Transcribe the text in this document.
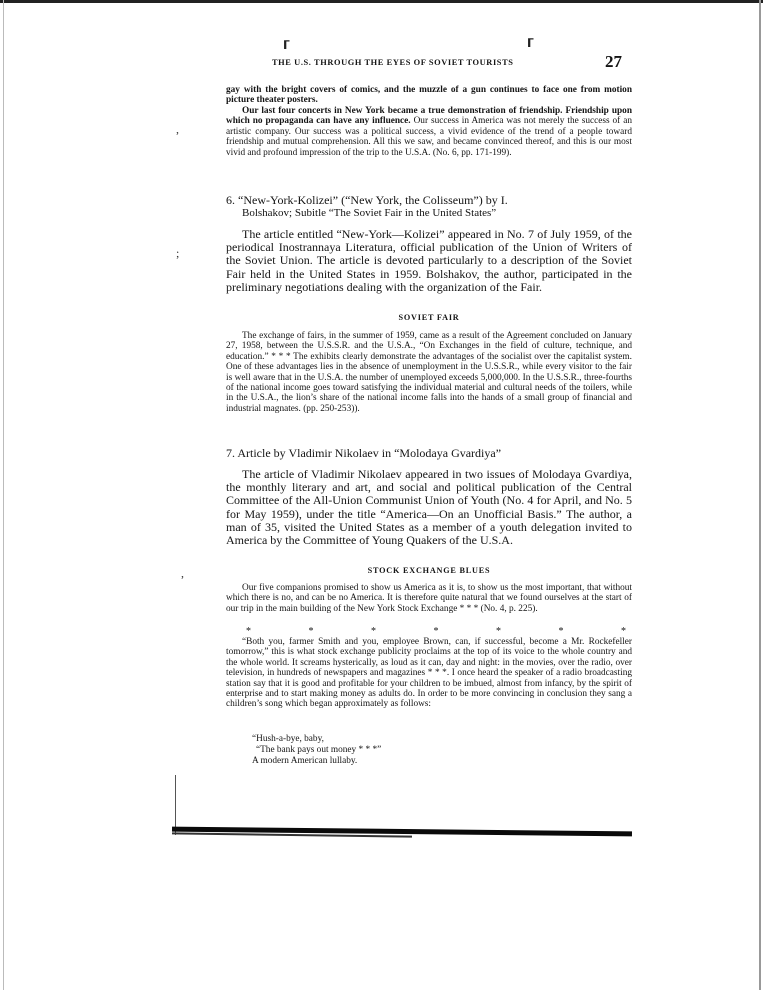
⸢	⸢
THE U.S. THROUGH THE EYES OF SOVIET TOURISTS	27

gay with the bright covers of comics, and the muzzle of a gun continues to face one from motion picture theater posters.

Our last four concerts in New York became a true demonstration of friendship. Friendship upon which no propaganda can have any influence. Our success in America was not merely the success of an artistic company. Our success was a political success, a vivid evidence of the trend of a people toward friendship and mutual comprehension. All this we saw, and became convinced thereof, and this is our most vivid and profound impression of the trip to the U.S.A. (No. 6, pp. 171-199).

6. “New-York-Kolizei” (“New York, the Colisseum”) by I.

Bolshakov; Subitle “The Soviet Fair in the United States”

The article entitled “New-York—Kolizei” appeared in No. 7 of July 1959, of the periodical Inostrannaya Literatura, official publication of the Union of Writers of the Soviet Union. The article is devoted particularly to a description of the Soviet Fair held in the United States in 1959. Bolshakov, the author, participated in the preliminary negotiations dealing with the organization of the Fair.

SOVIET FAIR

The exchange of fairs, in the summer of 1959, came as a result of the Agreement concluded on January 27, 1958, between the U.S.S.R. and the U.S.A., “On Exchanges in the field of culture, technique, and education.” * * * The exhibits clearly demonstrate the advantages of the socialist over the capitalist system. One of these advantages lies in the absence of unemployment in the U.S.S.R., while every visitor to the fair is well aware that in the U.S.A. the number of unemployed exceeds 5,000,000. In the U.S.S.R., three-fourths of the national income goes toward satisfying the individual material and cultural needs of the toilers, while in the U.S.A., the lion’s share of the national income falls into the hands of a small group of financial and industrial magnates. (pp. 250-253)).

7. Article by Vladimir Nikolaev in “Molodaya Gvardiya”

The article of Vladimir Nikolaev appeared in two issues of Molodaya Gvardiya, the monthly literary and art, and social and political publication of the Central Committee of the All-Union Communist Union of Youth (No. 4 for April, and No. 5 for May 1959), under the title “America—On an Unofficial Basis.” The author, a man of 35, visited the United States as a member of a youth delegation invited to America by the Committee of Young Quakers of the U.S.A.

STOCK EXCHANGE BLUES

Our five companions promised to show us America as it is, to show us the most important, that without which there is no, and can be no America. It is therefore quite natural that we found ourselves at the start of our trip in the main building of the New York Stock Exchange * * * (No. 4, p. 225).

*	*	*	*	*	*	*

“Both you, farmer Smith and you, employee Brown, can, if successful, become a Mr. Rockefeller tomorrow,” this is what stock exchange publicity proclaims at the top of its voice to the whole country and the whole world. It screams hysterically, as loud as it can, day and night: in the movies, over the radio, over television, in hundreds of newspapers and magazines * * *. I once heard the speaker of a radio broadcasting station say that it is good and profitable for your children to be imbued, almost from infancy, by the spirit of enterprise and to start making money as adults do. In order to be more convincing in conclusion they sang a children’s song which began approximately as follows:

“Hush-a-bye, baby,

“The bank pays out money * * *”

A modern American lullaby.

,
;
,
